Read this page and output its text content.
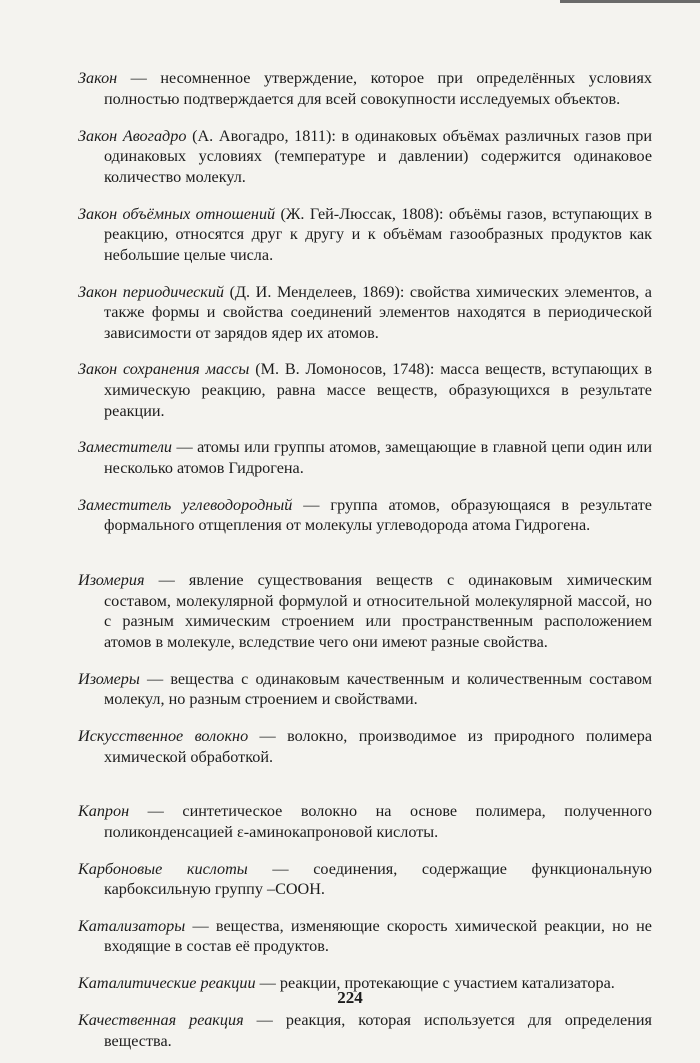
Закон — несомненное утверждение, которое при определённых условиях полностью подтверждается для всей совокупности исследуемых объектов.

Закон Авогадро (А. Авогадро, 1811): в одинаковых объёмах различных газов при одинаковых условиях (температуре и давлении) содержится одинаковое количество молекул.

Закон объёмных отношений (Ж. Гей-Люссак, 1808): объёмы газов, вступающих в реакцию, относятся друг к другу и к объёмам газообразных продуктов как небольшие целые числа.

Закон периодический (Д. И. Менделеев, 1869): свойства химических элементов, а также формы и свойства соединений элементов находятся в периодической зависимости от зарядов ядер их атомов.

Закон сохранения массы (М. В. Ломоносов, 1748): масса веществ, вступающих в химическую реакцию, равна массе веществ, образующихся в результате реакции.

Заместители — атомы или группы атомов, замещающие в главной цепи один или несколько атомов Гидрогена.

Заместитель углеводородный — группа атомов, образующаяся в результате формального отщепления от молекулы углеводорода атома Гидрогена.

Изомерия — явление существования веществ с одинаковым химическим составом, молекулярной формулой и относительной молекулярной массой, но с разным химическим строением или пространственным расположением атомов в молекуле, вследствие чего они имеют разные свойства.

Изомеры — вещества с одинаковым качественным и количественным составом молекул, но разным строением и свойствами.

Искусственное волокно — волокно, производимое из природного полимера химической обработкой.

Капрон — синтетическое волокно на основе полимера, полученного поликонденсацией ε-аминокапроновой кислоты.

Карбоновые кислоты — соединения, содержащие функциональную карбоксильную группу –СООН.

Катализаторы — вещества, изменяющие скорость химической реакции, но не входящие в состав её продуктов.

Каталитические реакции — реакции, протекающие с участием катализатора.

Качественная реакция — реакция, которая используется для определения вещества.

224
